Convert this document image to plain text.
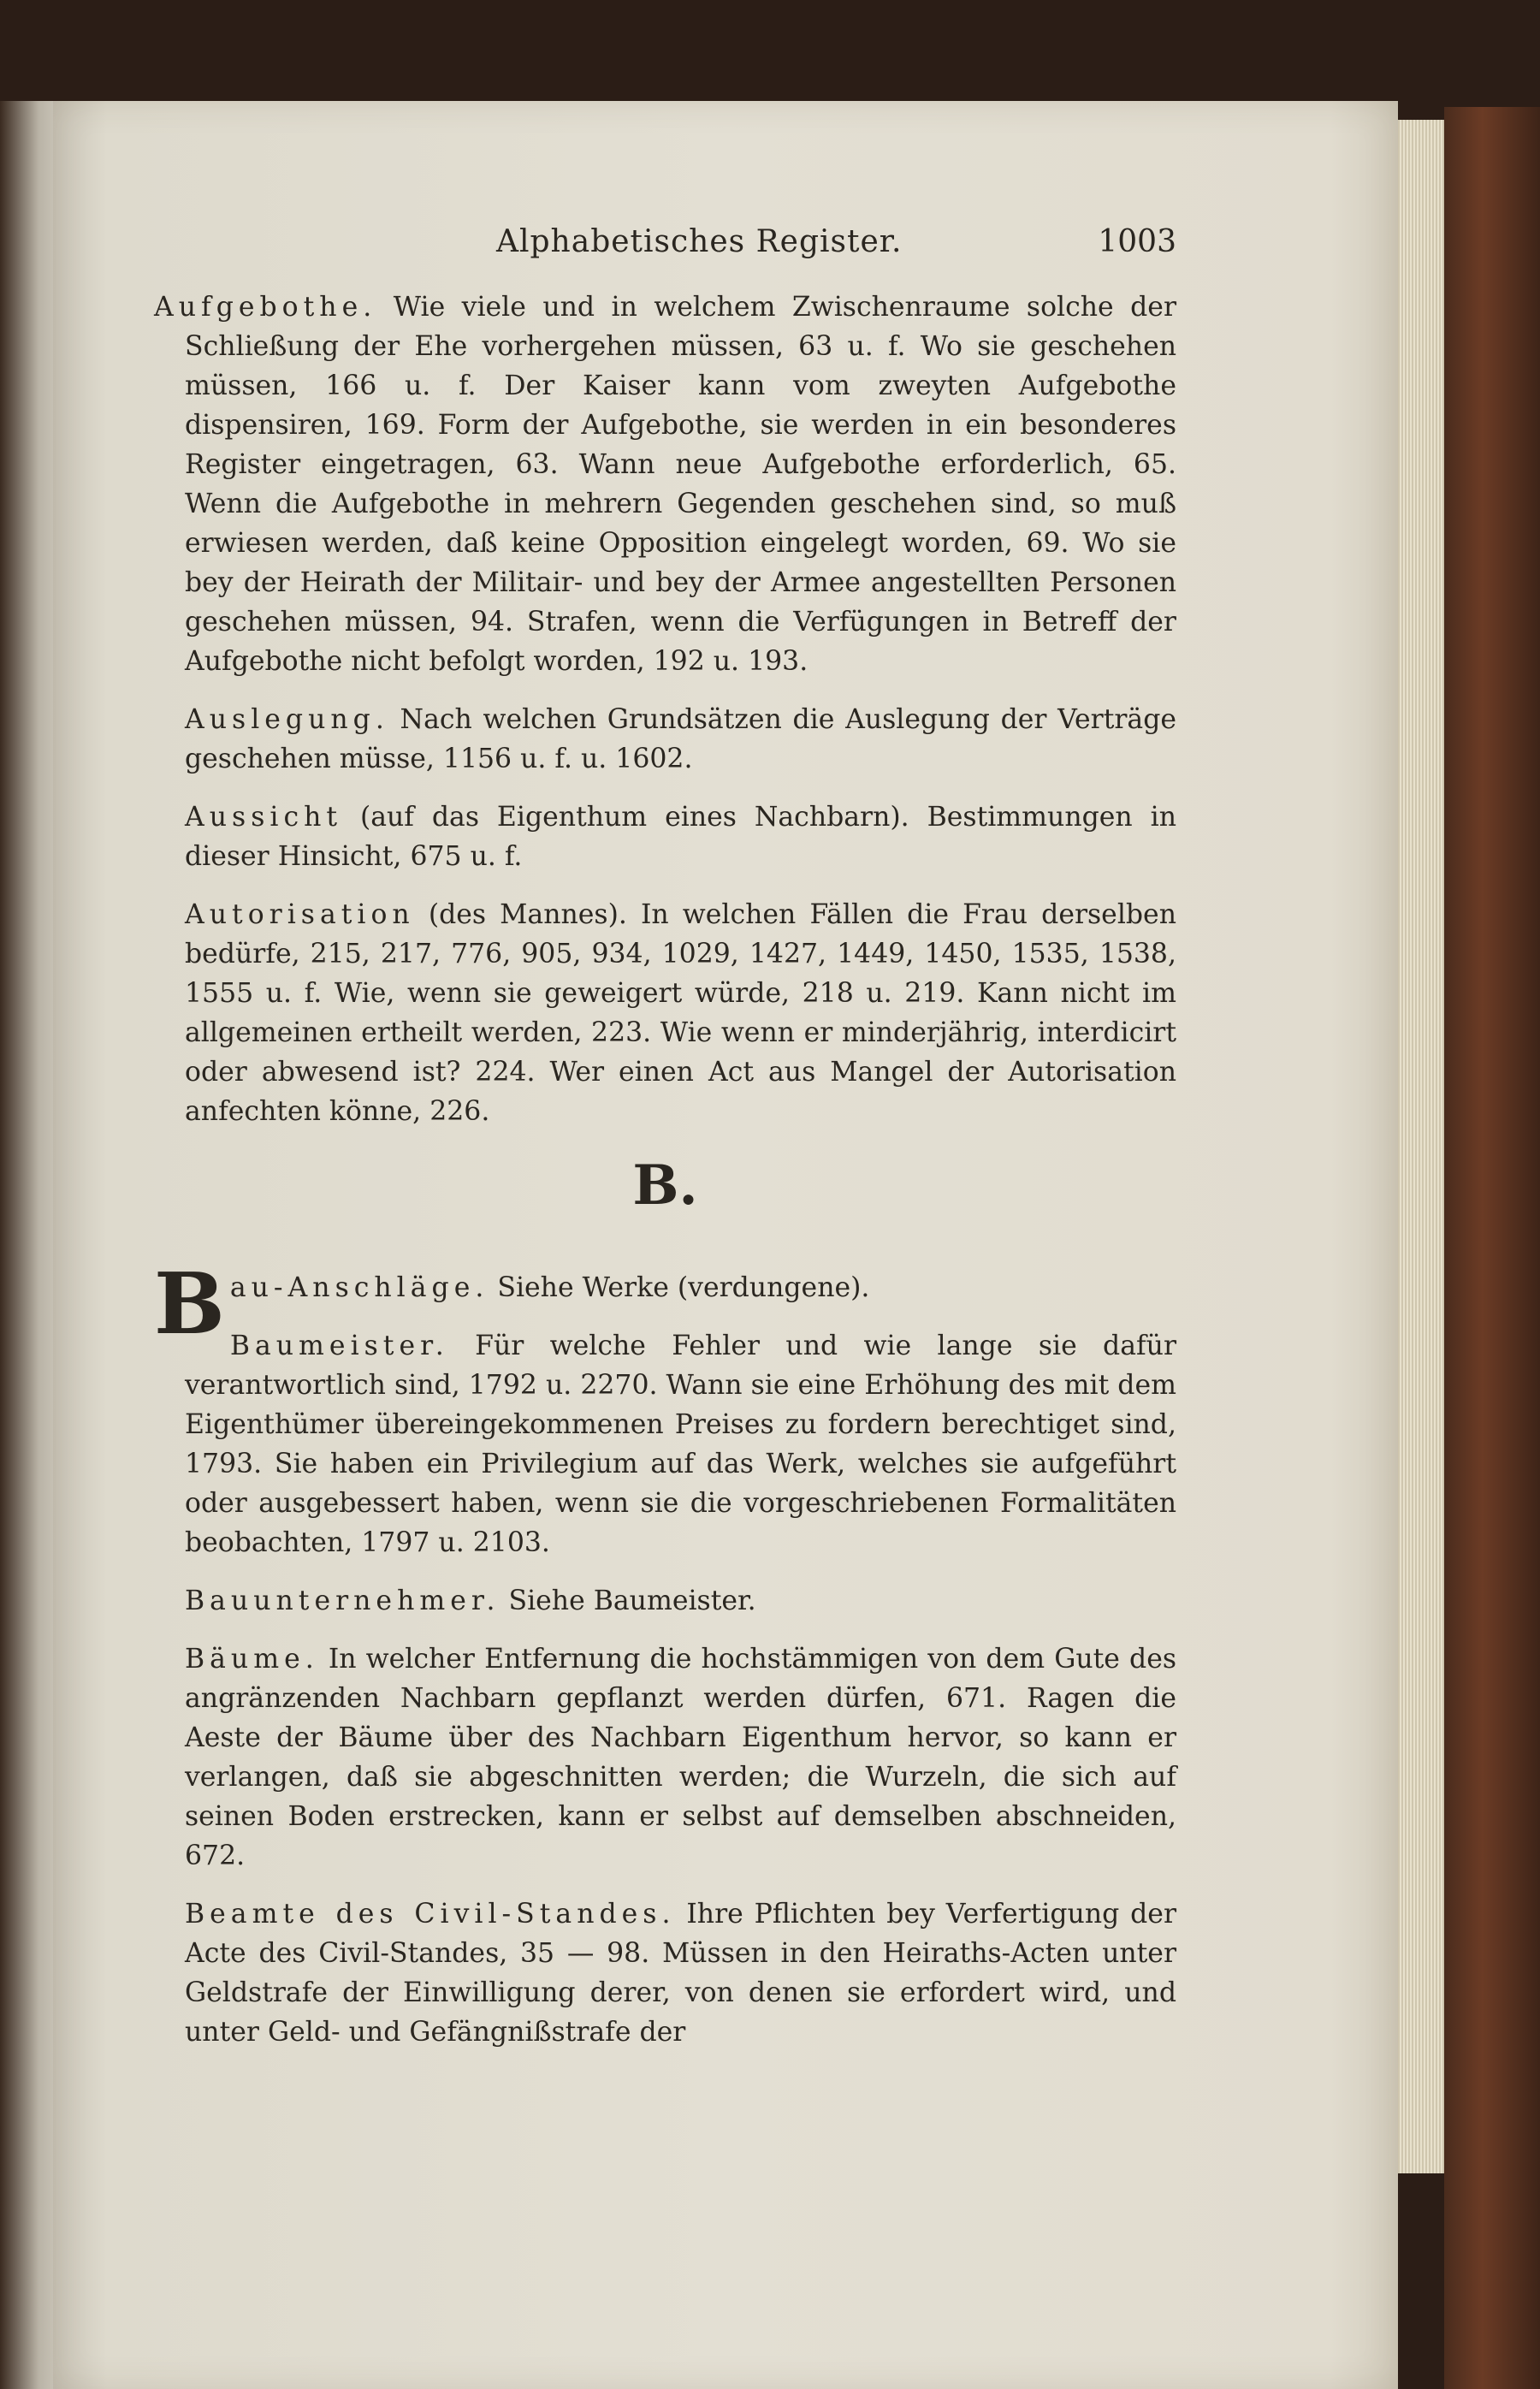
Alphabetisches Register.	1003

Aufgebothe. Wie viele und in welchem Zwischenraume solche der Schließung der Ehe vorhergehen müssen, 63 u. f. Wo sie geschehen müssen, 166 u. f. Der Kaiser kann vom zweyten Aufgebothe dispensiren, 169. Form der Aufgebothe, sie werden in ein besonderes Register eingetragen, 63. Wann neue Aufgebothe erforderlich, 65. Wenn die Aufgebothe in mehrern Gegenden geschehen sind, so muß erwiesen werden, daß keine Opposition eingelegt worden, 69. Wo sie bey der Heirath der Militair- und bey der Armee angestellten Personen geschehen müssen, 94. Strafen, wenn die Verfügungen in Betreff der Aufgebothe nicht befolgt worden, 192 u. 193.

Auslegung. Nach welchen Grundsätzen die Auslegung der Verträge geschehen müsse, 1156 u. f. u. 1602.

Aussicht (auf das Eigenthum eines Nachbarn). Bestimmungen in dieser Hinsicht, 675 u. f.

Autorisation (des Mannes). In welchen Fällen die Frau derselben bedürfe, 215, 217, 776, 905, 934, 1029, 1427, 1449, 1450, 1535, 1538, 1555 u. f. Wie, wenn sie geweigert würde, 218 u. 219. Kann nicht im allgemeinen ertheilt werden, 223. Wie wenn er minderjährig, interdicirt oder abwesend ist? 224. Wer einen Act aus Mangel der Autorisation anfechten könne, 226.

B.

B au-Anschläge. Siehe Werke (verdungene).

Baumeister. Für welche Fehler und wie lange sie dafür verantwortlich sind, 1792 u. 2270. Wann sie eine Erhöhung des mit dem Eigenthümer übereingekommenen Preises zu fordern berechtiget sind, 1793. Sie haben ein Privilegium auf das Werk, welches sie aufgeführt oder ausgebessert haben, wenn sie die vorgeschriebenen Formalitäten beobachten, 1797 u. 2103.

Bauunternehmer. Siehe Baumeister.

Bäume. In welcher Entfernung die hochstämmigen von dem Gute des angränzenden Nachbarn gepflanzt werden dürfen, 671. Ragen die Aeste der Bäume über des Nachbarn Eigenthum hervor, so kann er verlangen, daß sie abgeschnitten werden; die Wurzeln, die sich auf seinen Boden erstrecken, kann er selbst auf demselben abschneiden, 672.

Beamte des Civil-Standes. Ihre Pflichten bey Verfertigung der Acte des Civil-Standes, 35 — 98. Müssen in den Heiraths-Acten unter Geldstrafe der Einwilligung derer, von denen sie erfordert wird, und unter Geld- und Gefängnißstrafe der
